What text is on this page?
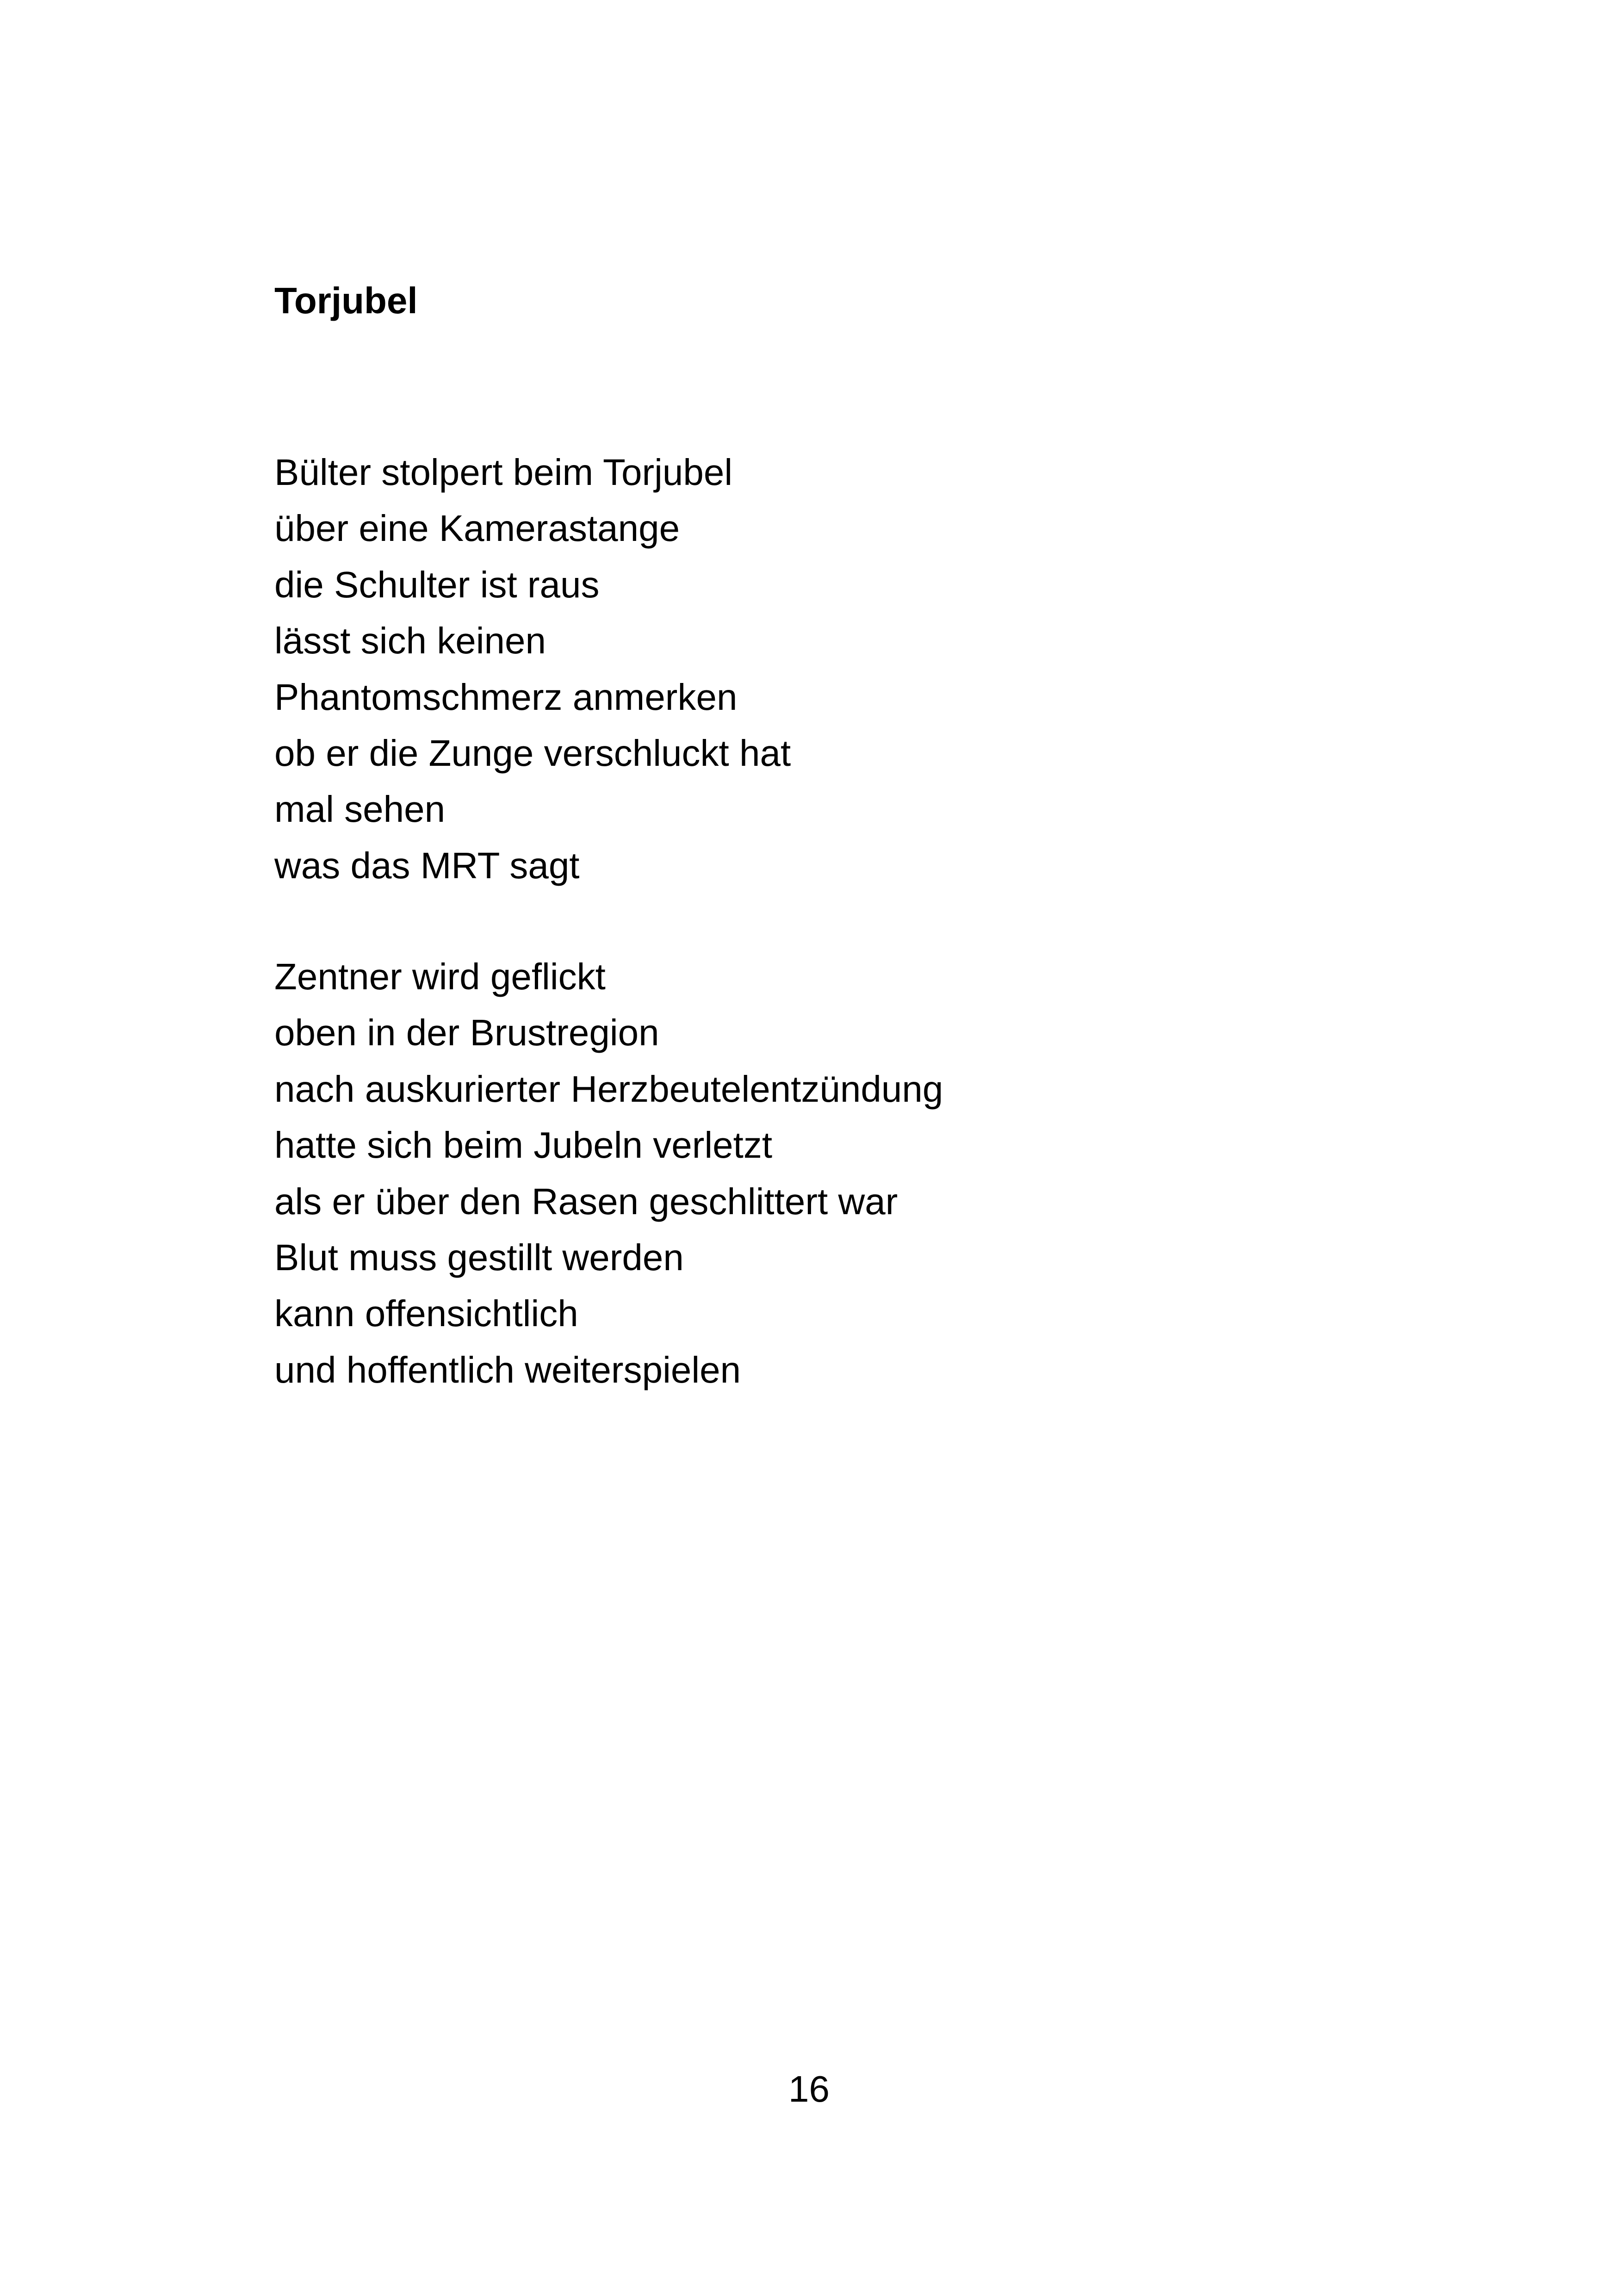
Torjubel
Bülter stolpert beim Torjubel
über eine Kamerastange
die Schulter ist raus
lässt sich keinen
Phantomschmerz anmerken
ob er die Zunge verschluckt hat
mal sehen
was das MRT sagt
Zentner wird geflickt
oben in der Brustregion
nach auskurierter Herzbeutelentzündung
hatte sich beim Jubeln verletzt
als er über den Rasen geschlittert war
Blut muss gestillt werden
kann offensichtlich
und hoffentlich weiterspielen
16
